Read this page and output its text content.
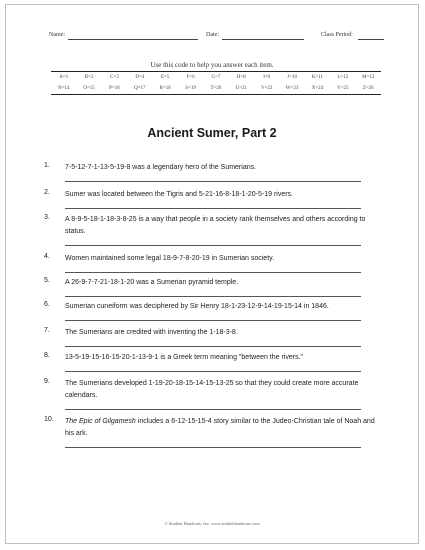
Name:	Date:	Class Period:
Use this code to help you answer each item.
A=1	B=2	C=3	D=4	E=5	F=6	G=7	H=8	I=9	J=10	K=11	L=12	M=13
N=14	O=15	P=16	Q=17	R=18	S=19	T=20	U=21	V=22	W=23	X=24	Y=25	Z=26
Ancient Sumer, Part 2
1. 7-5-12-7-1-13-5-19-8 was a legendary hero of the Sumerians.
2. Sumer was located between the Tigris and 5-21-16-8-18-1-20-5-19 rivers.
3. A 8-9-5-18-1-18-3-8-25 is a way that people in a society rank themselves and others according to status.
4. Women maintained some legal 18-9-7-8-20-19 in Sumerian society.
5. A 26-9-7-7-21-18-1-20 was a Sumerian pyramid temple.
6. Sumerian cuneiform was deciphered by Sir Henry 18-1-23-12-9-14-19-15-14 in 1846.
7. The Sumerians are credited with inventing the 1-18-3-8.
8. 13-5-19-15-16-15-20-1-13-9-1 is a Greek term meaning "between the rivers."
9. The Sumerians developed 1-19-20-18-15-14-15-13-25 so that they could create more accurate calendars.
10. The Epic of Gilgamesh includes a 6-12-15-15-4 story similar to the Judeo-Christian tale of Noah and his ark.
© Student Handouts, Inc. www.studenthandouts.com
